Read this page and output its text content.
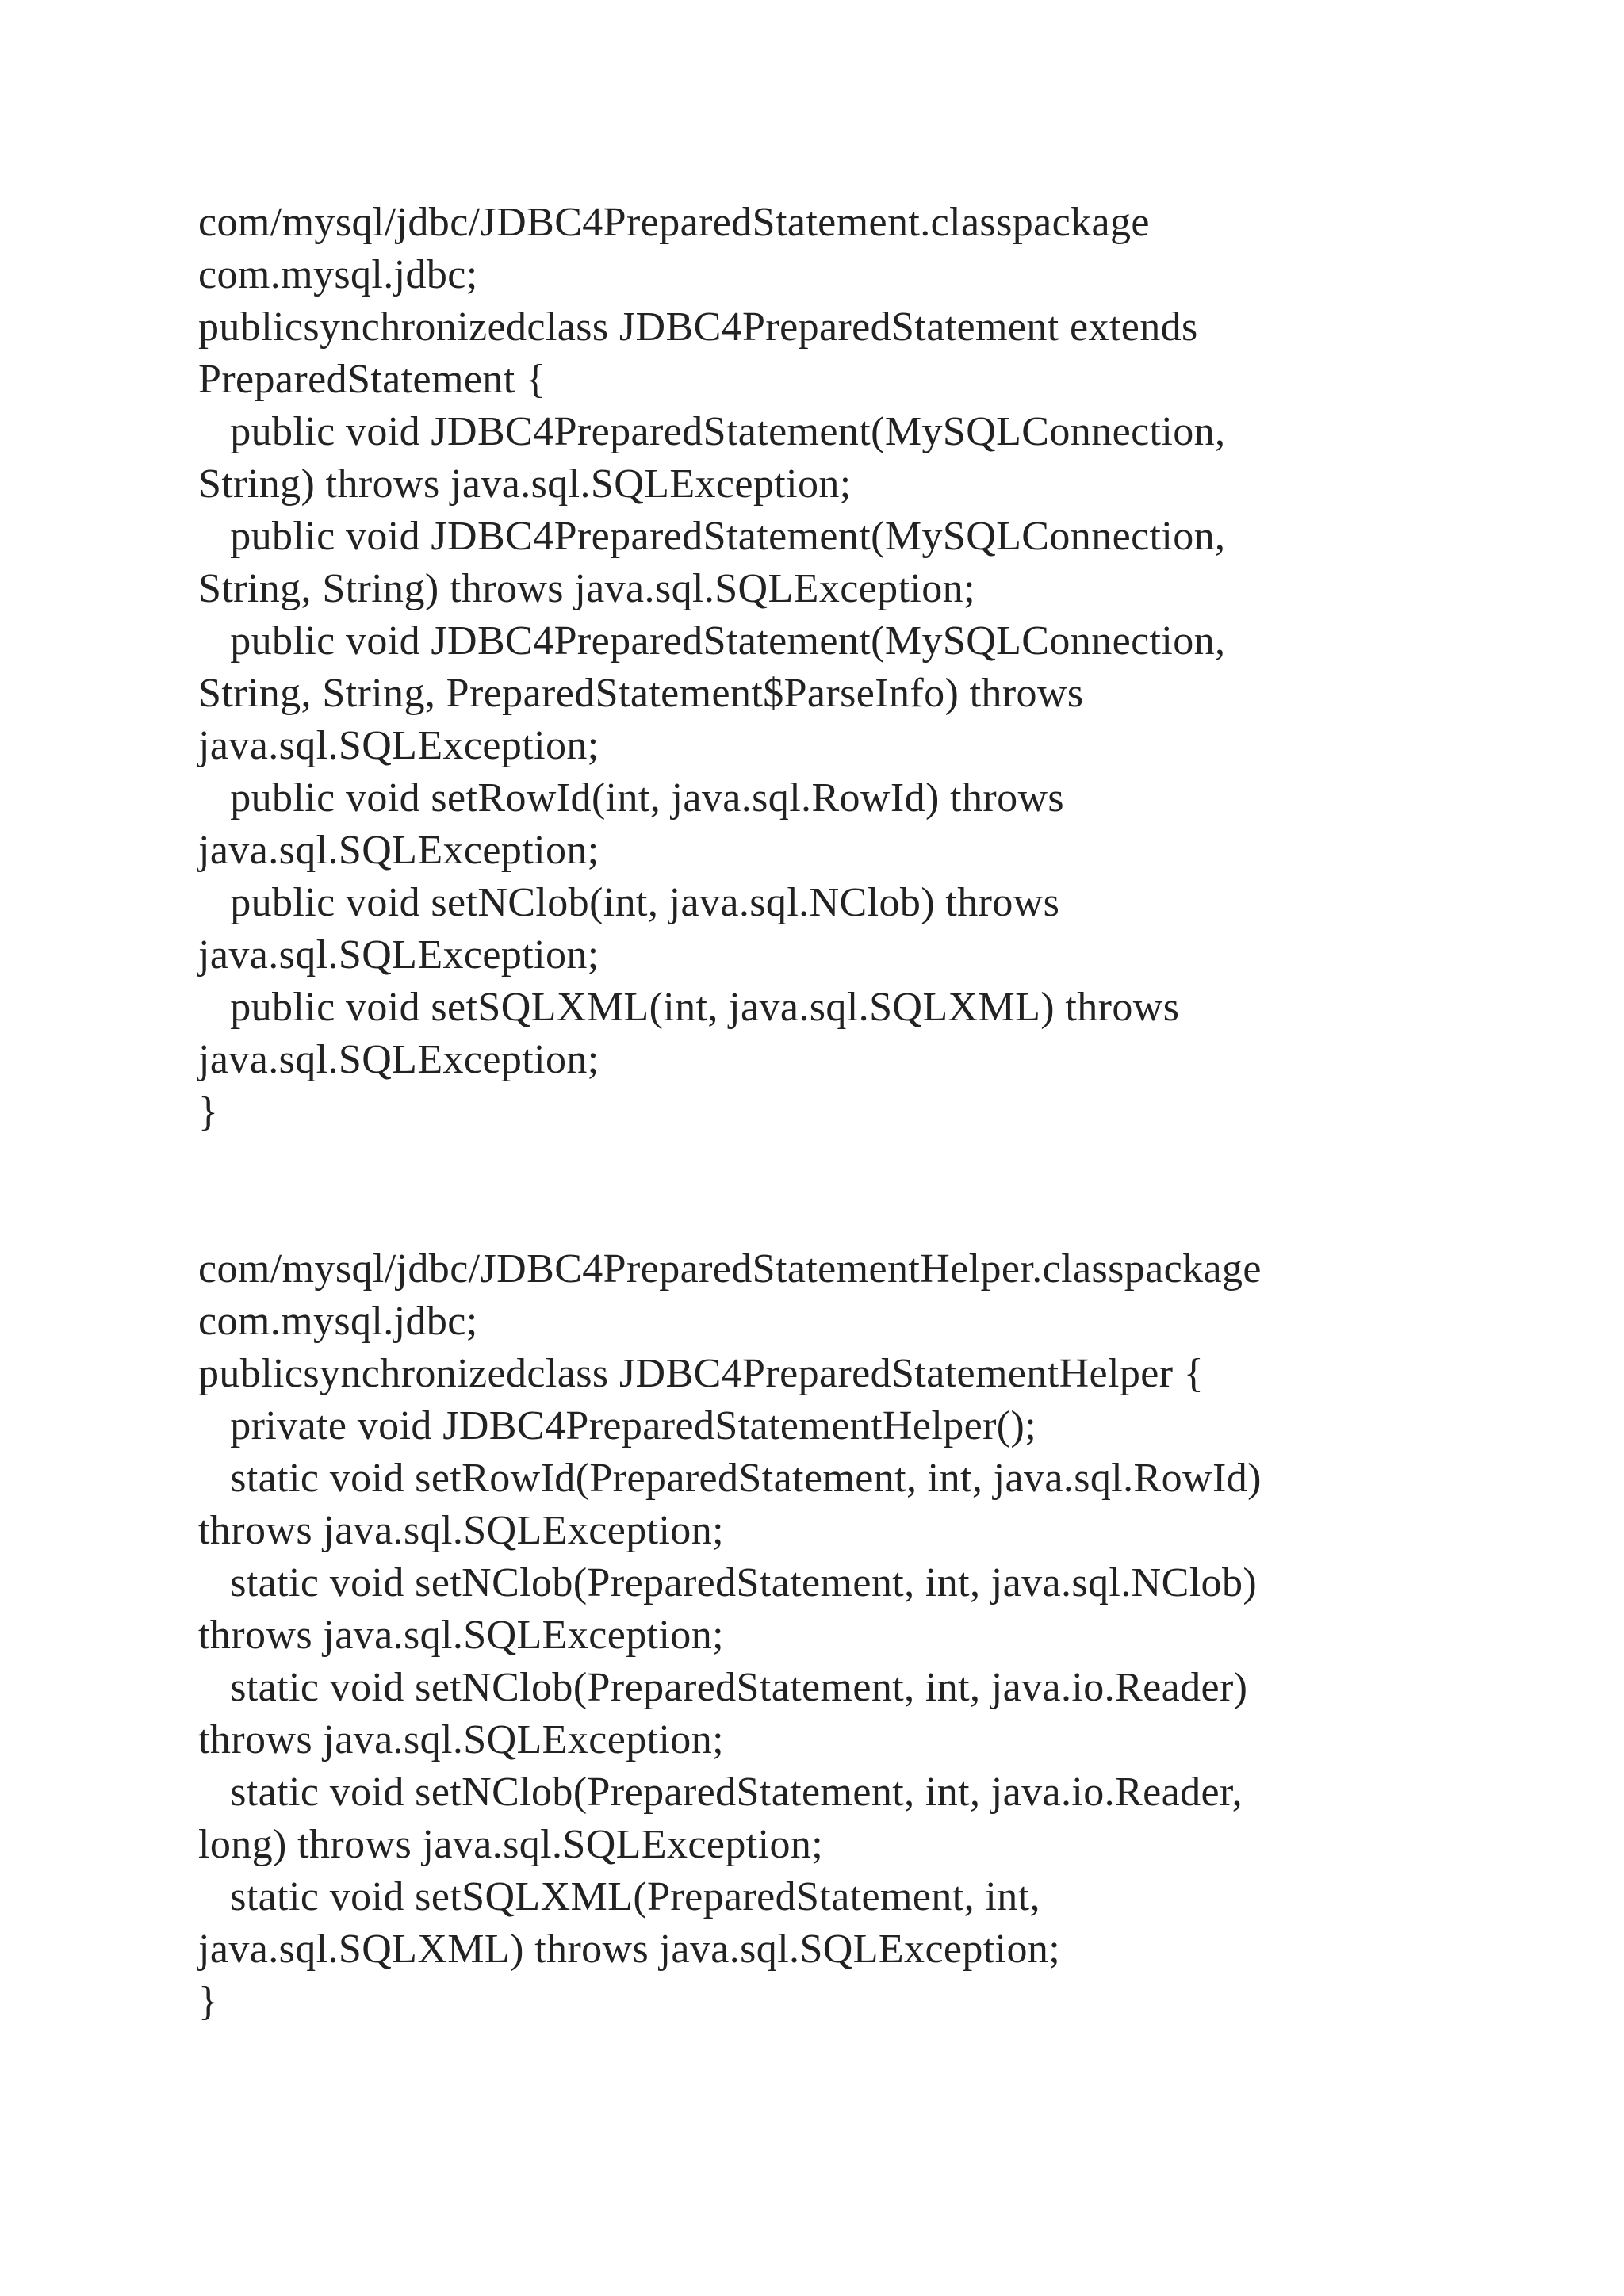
com/mysql/jdbc/JDBC4PreparedStatement.classpackage
com.mysql.jdbc;
publicsynchronizedclass JDBC4PreparedStatement extends
PreparedStatement {
public void JDBC4PreparedStatement(MySQLConnection,
String) throws java.sql.SQLException;
public void JDBC4PreparedStatement(MySQLConnection,
String, String) throws java.sql.SQLException;
public void JDBC4PreparedStatement(MySQLConnection,
String, String, PreparedStatement$ParseInfo) throws
java.sql.SQLException;
public void setRowId(int, java.sql.RowId) throws
java.sql.SQLException;
public void setNClob(int, java.sql.NClob) throws
java.sql.SQLException;
public void setSQLXML(int, java.sql.SQLXML) throws
java.sql.SQLException;
}
com/mysql/jdbc/JDBC4PreparedStatementHelper.classpackage
com.mysql.jdbc;
publicsynchronizedclass JDBC4PreparedStatementHelper {
private void JDBC4PreparedStatementHelper();
static void setRowId(PreparedStatement, int, java.sql.RowId)
throws java.sql.SQLException;
static void setNClob(PreparedStatement, int, java.sql.NClob)
throws java.sql.SQLException;
static void setNClob(PreparedStatement, int, java.io.Reader)
throws java.sql.SQLException;
static void setNClob(PreparedStatement, int, java.io.Reader,
long) throws java.sql.SQLException;
static void setSQLXML(PreparedStatement, int,
java.sql.SQLXML) throws java.sql.SQLException;
}
